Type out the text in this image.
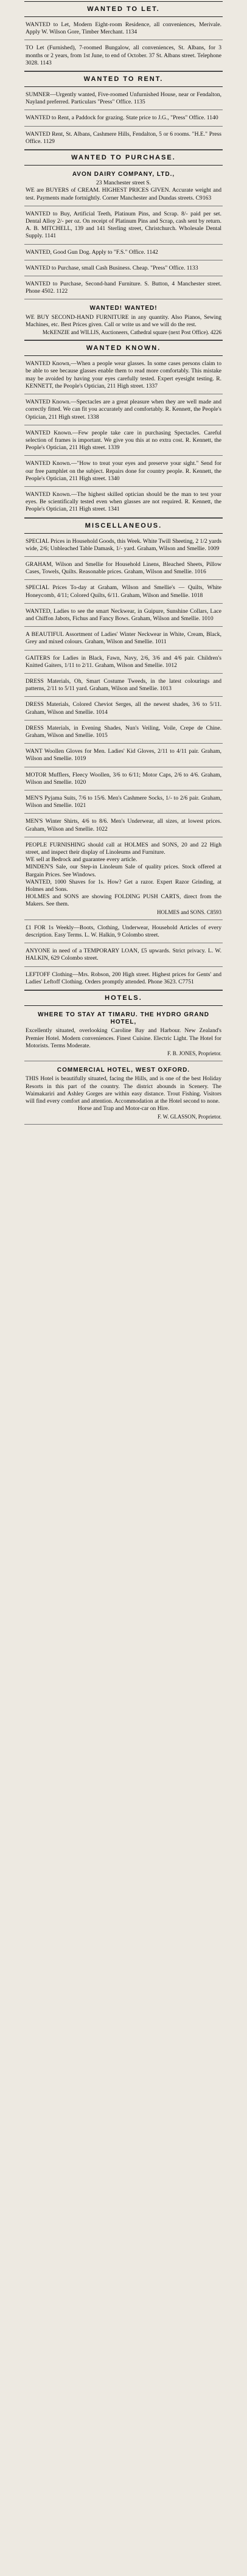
WANTED TO LET.

WANTED to Let, Modern Eight-room Residence, all conveniences, Merivale. Apply W. Wilson Gore, Timber Merchant. 1134

TO Let (Furnished), 7-roomed Bungalow, all conveniences, St. Albans, for 3 months or 2 years, from 1st June, to end of October. 37 St. Albans street. Telephone 3028. 1143

WANTED TO RENT.

SUMNER—Urgently wanted, Five-roomed Unfurnished House, near or Fendalton, Nayland preferred. Particulars "Press" Office. 1135

WANTED to Rent, a Paddock for grazing. State price to J.G., "Press" Office. 1140

WANTED Rent, St. Albans, Cashmere Hills, Fendalton, 5 or 6 rooms. "H.E." Press Office. 1129

WANTED TO PURCHASE.
AVON DAIRY COMPANY, LTD.,
23 Manchester street S.
WE are BUYERS of CREAM. HIGHEST PRICES GIVEN. Accurate weight and test. Payments made fortnightly. Corner Manchester and Dundas streets. C9163

WANTED to Buy, Artificial Teeth, Platinum Pins, and Scrap. 8/- paid per set. Dental Alloy 2/- per oz. On receipt of Platinum Pins and Scrap, cash sent by return. A. B. MITCHELL, 139 and 141 Sterling street, Christchurch. Wholesale Dental Supply. 1141

WANTED, Good Gun Dog. Apply to "F.S." Office. 1142

WANTED to Purchase, small Cash Business. Cheap. "Press" Office. 1133

WANTED to Purchase, Second-hand Furniture. S. Button, 4 Manchester street. Phone 4502. 1122

WANTED! WANTED!
WE BUY SECOND-HAND FURNITURE in any quantity. Also Pianos, Sewing Machines, etc. Best Prices given. Call or write us and we will do the rest.
McKENZIE and WILLIS, Auctioneers, Cathedral square (next Post Office). 4226
WANTED KNOWN.

WANTED Known,—When a people wear glasses. In some cases persons claim to be able to see because glasses enable them to read more comfortably. This mistake may be avoided by having your eyes carefully tested. Expert eyesight testing. R. KENNETT, the People's Optician, 211 High street. 1337

WANTED Known.—Spectacles are a great pleasure when they are well made and correctly fitted. We can fit you accurately and comfortably. R. Kennett, the People's Optician, 211 High street. 1338

WANTED Known.—Few people take care in purchasing Spectacles. Careful selection of frames is important. We give you this at no extra cost. R. Kennett, the People's Optician, 211 High street. 1339

WANTED Known.—"How to treat your eyes and preserve your sight." Send for our free pamphlet on the subject. Repairs done for country people. R. Kennett, the People's Optician, 211 High street. 1340

WANTED Known.—The highest skilled optician should be the man to test your eyes. Be scientifically tested even when glasses are not required. R. Kennett, the People's Optician, 211 High street. 1341

MISCELLANEOUS.

SPECIAL Prices in Household Goods, this Week. White Twill Sheeting, 2 1/2 yards wide, 2/6; Unbleached Table Damask, 1/- yard. Graham, Wilson and Smellie. 1009

GRAHAM, Wilson and Smellie for Household Linens, Bleached Sheets, Pillow Cases, Towels, Quilts. Reasonable prices. Graham, Wilson and Smellie. 1016

SPECIAL Prices To-day at Graham, Wilson and Smellie's — Quilts, White Honeycomb, 4/11; Colored Quilts, 6/11. Graham, Wilson and Smellie. 1018

WANTED, Ladies to see the smart Neckwear, in Guipure, Sunshine Collars, Lace and Chiffon Jabots, Fichus and Fancy Bows. Graham, Wilson and Smellie. 1010

A BEAUTIFUL Assortment of Ladies' Winter Neckwear in White, Cream, Black, Grey and mixed colours. Graham, Wilson and Smellie. 1011

GAITERS for Ladies in Black, Fawn, Navy, 2/6, 3/6 and 4/6 pair. Children's Knitted Gaiters, 1/11 to 2/11. Graham, Wilson and Smellie. 1012

DRESS Materials, Oh, Smart Costume Tweeds, in the latest colourings and patterns, 2/11 to 5/11 yard. Graham, Wilson and Smellie. 1013

DRESS Materials, Colored Cheviot Serges, all the newest shades, 3/6 to 5/11. Graham, Wilson and Smellie. 1014

DRESS Materials, in Evening Shades, Nun's Veiling, Voile, Crepe de Chine. Graham, Wilson and Smellie. 1015

WANT Woollen Gloves for Men. Ladies' Kid Gloves, 2/11 to 4/11 pair. Graham, Wilson and Smellie. 1019

MOTOR Mufflers, Fleecy Woollen, 3/6 to 6/11; Motor Caps, 2/6 to 4/6. Graham, Wilson and Smellie. 1020

MEN'S Pyjama Suits, 7/6 to 15/6. Men's Cashmere Socks, 1/- to 2/6 pair. Graham, Wilson and Smellie. 1021

MEN'S Winter Shirts, 4/6 to 8/6. Men's Underwear, all sizes, at lowest prices. Graham, Wilson and Smellie. 1022

PEOPLE FURNISHING should call at HOLMES and SONS, 20 and 22 High street, and inspect their display of Linoleums and Furniture.
WE sell at Bedrock and guarantee every article.
MINDEN'S Sale, our Step-in Linoleum Sale of quality prices. Stock offered at Bargain Prices. See Windows.
WANTED, 1000 Shaves for 1s. How? Get a razor. Expert Razor Grinding, at Holmes and Sons.
HOLMES and SONS are showing FOLDING PUSH CARTS, direct from the Makers. See them.
HOLMES and SONS. C8593

£1 FOR 1s Weekly—Boots, Clothing, Underwear, Household Articles of every description. Easy Terms. L. W. Halkin, 9 Colombo street.

ANYONE in need of a TEMPORARY LOAN, £5 upwards. Strict privacy. L. W. HALKIN, 629 Colombo street.

LEFTOFF Clothing—Mrs. Robson, 200 High street. Highest prices for Gents' and Ladies' Leftoff Clothing. Orders promptly attended. Phone 3623. C7751

HOTELS.
WHERE TO STAY AT TIMARU. THE HYDRO GRAND HOTEL,
Excellently situated, overlooking Caroline Bay and Harbour. New Zealand's Premier Hotel. Modern conveniences. Finest Cuisine. Electric Light. The Hotel for Motorists. Terms Moderate.
F. B. JONES, Proprietor.
COMMERCIAL HOTEL, WEST OXFORD.
THIS Hotel is beautifully situated, facing the Hills, and is one of the best Holiday Resorts in this part of the country. The district abounds in Scenery. The Waimakariri and Ashley Gorges are within easy distance. Trout Fishing. Visitors will find every comfort and attention. Accommodation at the Hotel second to none.
Horse and Trap and Motor-car on Hire.
F. W. GLASSON, Proprietor.
